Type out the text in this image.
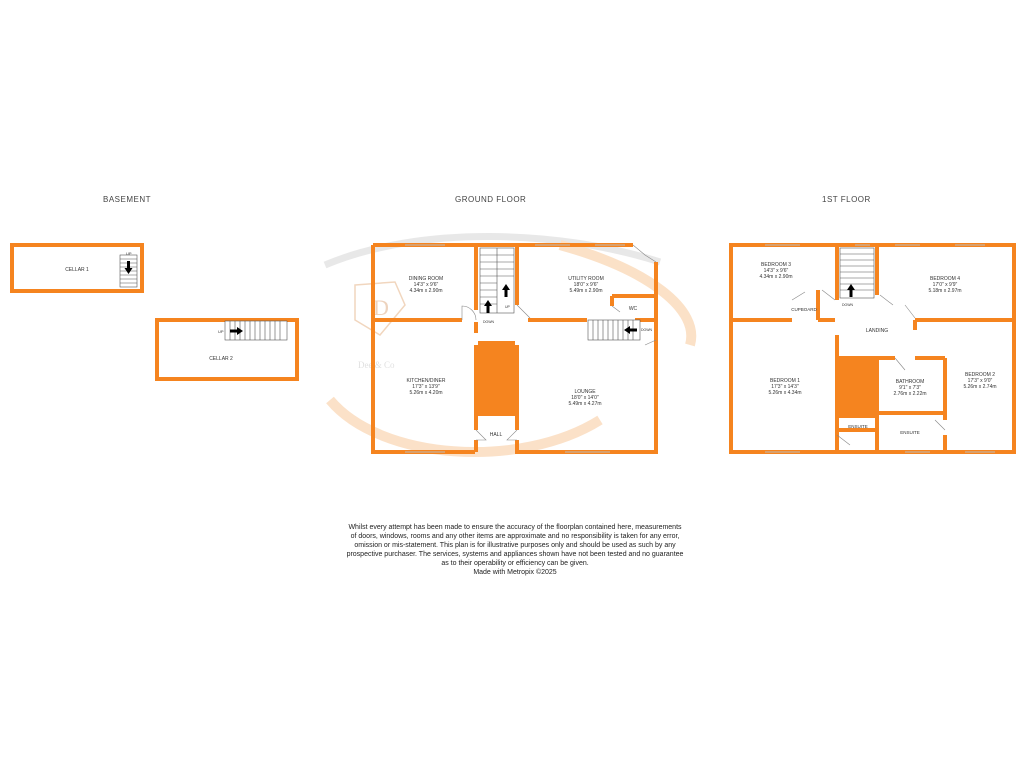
BASEMENT	GROUND FLOOR	1ST FLOOR
D
Dee & Co
UP
UP
CELLAR 1
CELLAR 2
DOWN
UP
DOWN
DINING ROOM
14'3" x 9'6"
4.34m x 2.90m
UTILITY ROOM
18'0" x 9'6"
5.49m x 2.90m
WC
KITCHEN/DINER
17'3" x 13'9"
5.26m x 4.20m	LOUNGE
18'0" x 14'0"
5.49m x 4.27m
HALL
DOWN
BEDROOM 3
14'3" x 9'6"
4.34m x 2.90m	BEDROOM 4
17'0" x 9'9"
5.18m x 2.97m
CUPBOARD
LANDING
BEDROOM 1
17'3" x 14'3"
5.26m x 4.34m
BATHROOM
9'1" x 7'3"
2.76m x 2.22m
BEDROOM 2
17'3" x 9'0"
5.26m x 2.74m
ENSUITE
ENSUITE
Whilst every attempt has been made to ensure the accuracy of the floorplan contained here, measurements
of doors, windows, rooms and any other items are approximate and no responsibility is taken for any error,
omission or mis-statement. This plan is for illustrative purposes only and should be used as such by any
prospective purchaser. The services, systems and appliances shown have not been tested and no guarantee
as to their operability or efficiency can be given.
Made with Metropix ©2025
